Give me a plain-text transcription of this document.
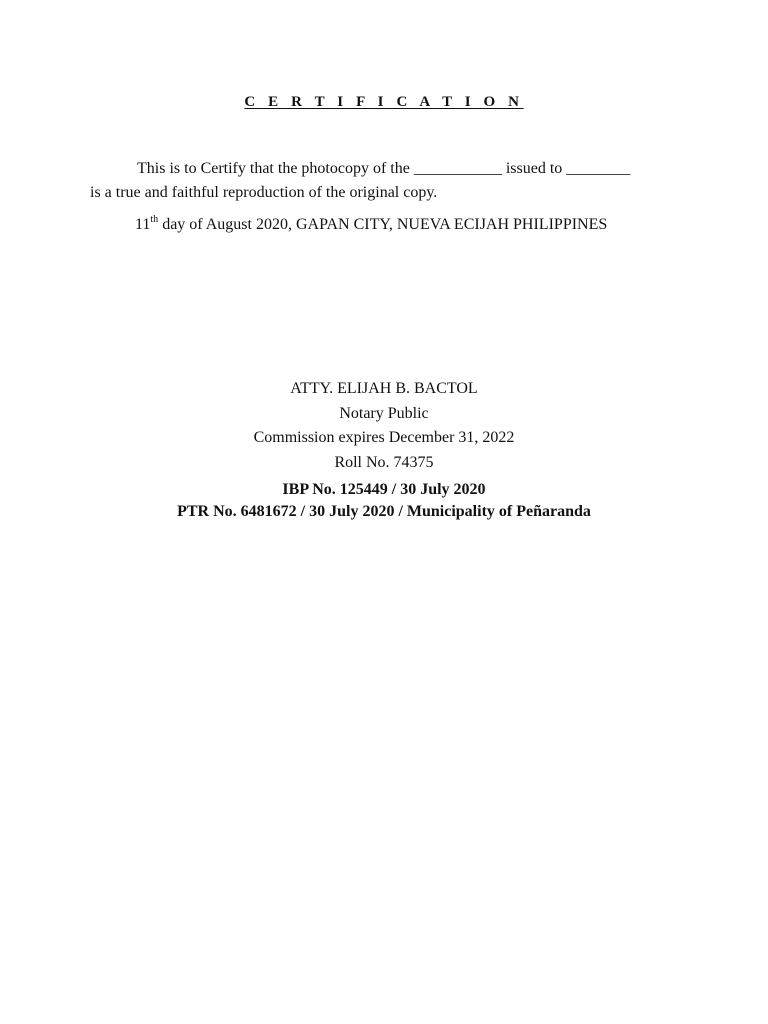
C E R T I F I C A T I O N
This is to Certify that the photocopy of the ___________ issued to ________
is a true and faithful reproduction of the original copy.
11th day of August 2020, GAPAN CITY, NUEVA ECIJAH PHILIPPINES
ATTY. ELIJAH B. BACTOL
Notary Public
Commission expires December 31, 2022
Roll No. 74375
IBP No. 125449 / 30 July 2020
PTR No. 6481672 / 30 July 2020 / Municipality of Peñaranda
